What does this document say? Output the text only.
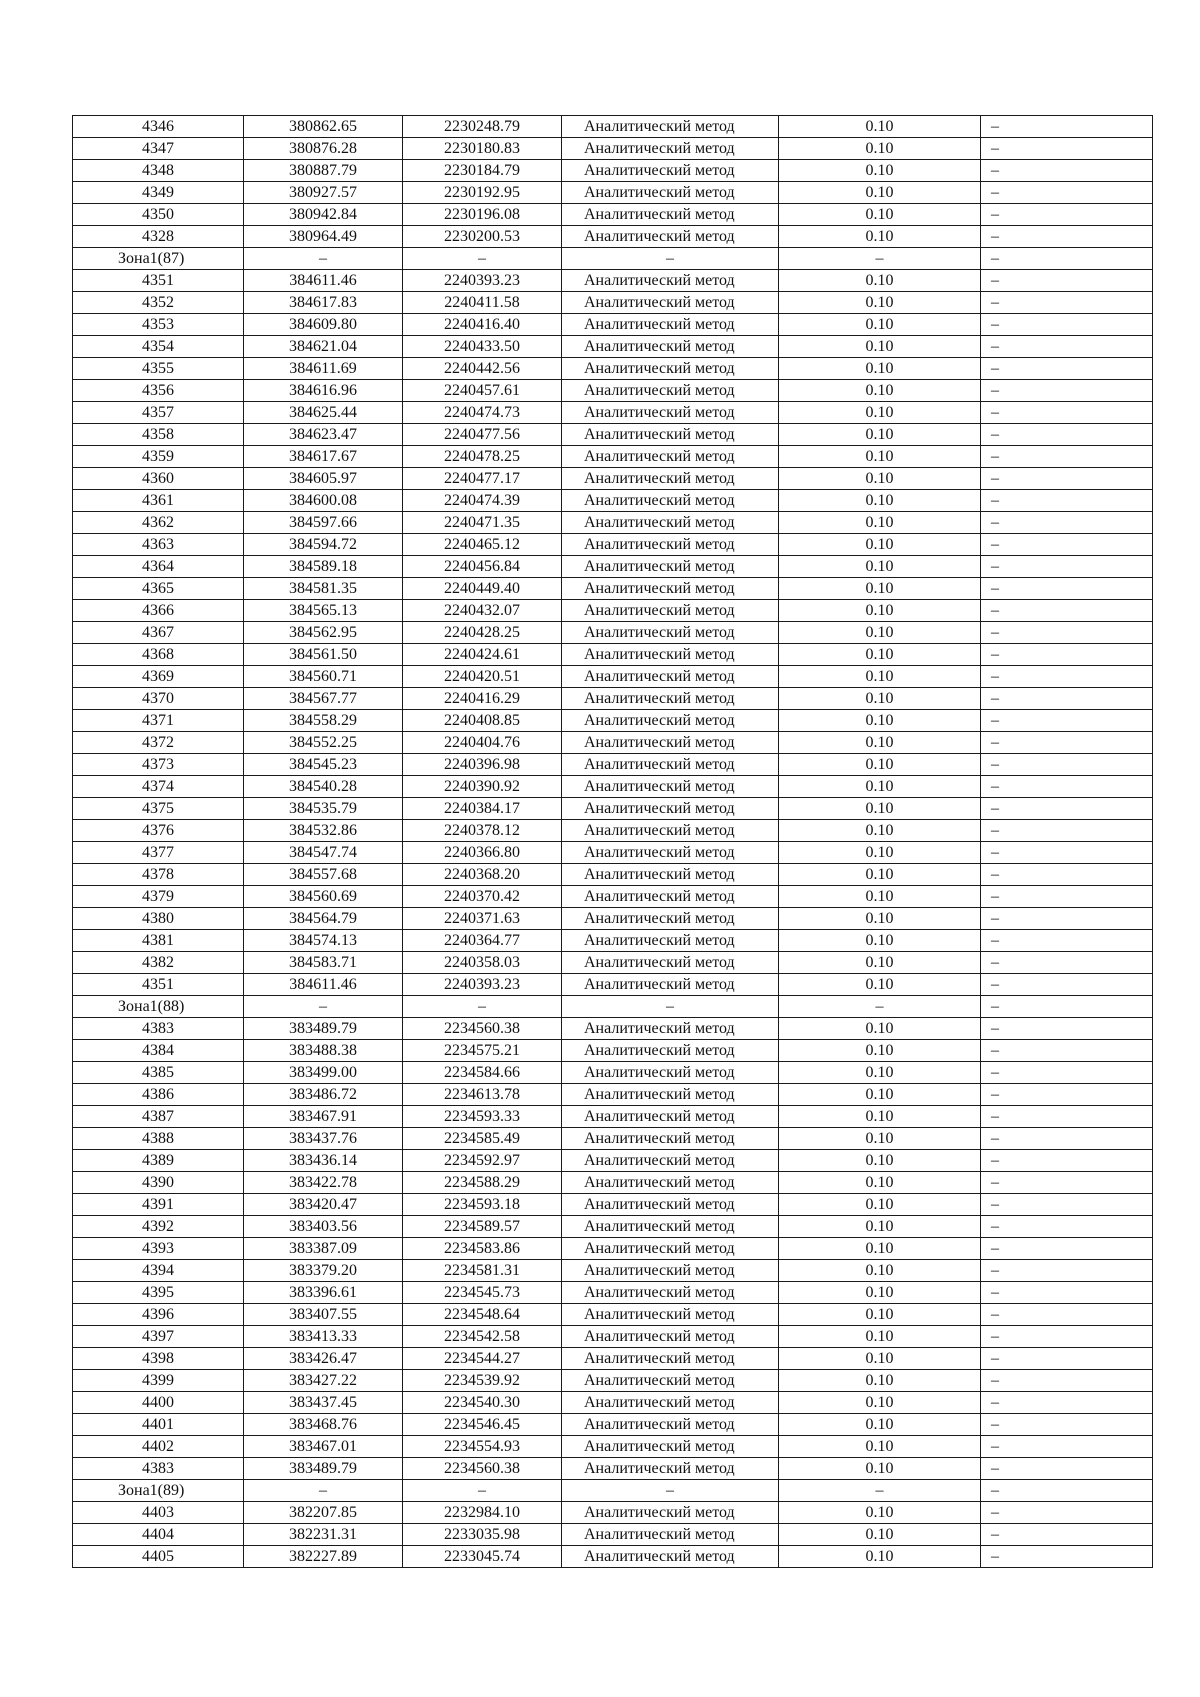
4346	380862.65	2230248.79	Аналитический метод	0.10	–
4347	380876.28	2230180.83	Аналитический метод	0.10	–
4348	380887.79	2230184.79	Аналитический метод	0.10	–
4349	380927.57	2230192.95	Аналитический метод	0.10	–
4350	380942.84	2230196.08	Аналитический метод	0.10	–
4328	380964.49	2230200.53	Аналитический метод	0.10	–
Зона1(87)	–	–	–	–	–
4351	384611.46	2240393.23	Аналитический метод	0.10	–
4352	384617.83	2240411.58	Аналитический метод	0.10	–
4353	384609.80	2240416.40	Аналитический метод	0.10	–
4354	384621.04	2240433.50	Аналитический метод	0.10	–
4355	384611.69	2240442.56	Аналитический метод	0.10	–
4356	384616.96	2240457.61	Аналитический метод	0.10	–
4357	384625.44	2240474.73	Аналитический метод	0.10	–
4358	384623.47	2240477.56	Аналитический метод	0.10	–
4359	384617.67	2240478.25	Аналитический метод	0.10	–
4360	384605.97	2240477.17	Аналитический метод	0.10	–
4361	384600.08	2240474.39	Аналитический метод	0.10	–
4362	384597.66	2240471.35	Аналитический метод	0.10	–
4363	384594.72	2240465.12	Аналитический метод	0.10	–
4364	384589.18	2240456.84	Аналитический метод	0.10	–
4365	384581.35	2240449.40	Аналитический метод	0.10	–
4366	384565.13	2240432.07	Аналитический метод	0.10	–
4367	384562.95	2240428.25	Аналитический метод	0.10	–
4368	384561.50	2240424.61	Аналитический метод	0.10	–
4369	384560.71	2240420.51	Аналитический метод	0.10	–
4370	384567.77	2240416.29	Аналитический метод	0.10	–
4371	384558.29	2240408.85	Аналитический метод	0.10	–
4372	384552.25	2240404.76	Аналитический метод	0.10	–
4373	384545.23	2240396.98	Аналитический метод	0.10	–
4374	384540.28	2240390.92	Аналитический метод	0.10	–
4375	384535.79	2240384.17	Аналитический метод	0.10	–
4376	384532.86	2240378.12	Аналитический метод	0.10	–
4377	384547.74	2240366.80	Аналитический метод	0.10	–
4378	384557.68	2240368.20	Аналитический метод	0.10	–
4379	384560.69	2240370.42	Аналитический метод	0.10	–
4380	384564.79	2240371.63	Аналитический метод	0.10	–
4381	384574.13	2240364.77	Аналитический метод	0.10	–
4382	384583.71	2240358.03	Аналитический метод	0.10	–
4351	384611.46	2240393.23	Аналитический метод	0.10	–
Зона1(88)	–	–	–	–	–
4383	383489.79	2234560.38	Аналитический метод	0.10	–
4384	383488.38	2234575.21	Аналитический метод	0.10	–
4385	383499.00	2234584.66	Аналитический метод	0.10	–
4386	383486.72	2234613.78	Аналитический метод	0.10	–
4387	383467.91	2234593.33	Аналитический метод	0.10	–
4388	383437.76	2234585.49	Аналитический метод	0.10	–
4389	383436.14	2234592.97	Аналитический метод	0.10	–
4390	383422.78	2234588.29	Аналитический метод	0.10	–
4391	383420.47	2234593.18	Аналитический метод	0.10	–
4392	383403.56	2234589.57	Аналитический метод	0.10	–
4393	383387.09	2234583.86	Аналитический метод	0.10	–
4394	383379.20	2234581.31	Аналитический метод	0.10	–
4395	383396.61	2234545.73	Аналитический метод	0.10	–
4396	383407.55	2234548.64	Аналитический метод	0.10	–
4397	383413.33	2234542.58	Аналитический метод	0.10	–
4398	383426.47	2234544.27	Аналитический метод	0.10	–
4399	383427.22	2234539.92	Аналитический метод	0.10	–
4400	383437.45	2234540.30	Аналитический метод	0.10	–
4401	383468.76	2234546.45	Аналитический метод	0.10	–
4402	383467.01	2234554.93	Аналитический метод	0.10	–
4383	383489.79	2234560.38	Аналитический метод	0.10	–
Зона1(89)	–	–	–	–	–
4403	382207.85	2232984.10	Аналитический метод	0.10	–
4404	382231.31	2233035.98	Аналитический метод	0.10	–
4405	382227.89	2233045.74	Аналитический метод	0.10	–
